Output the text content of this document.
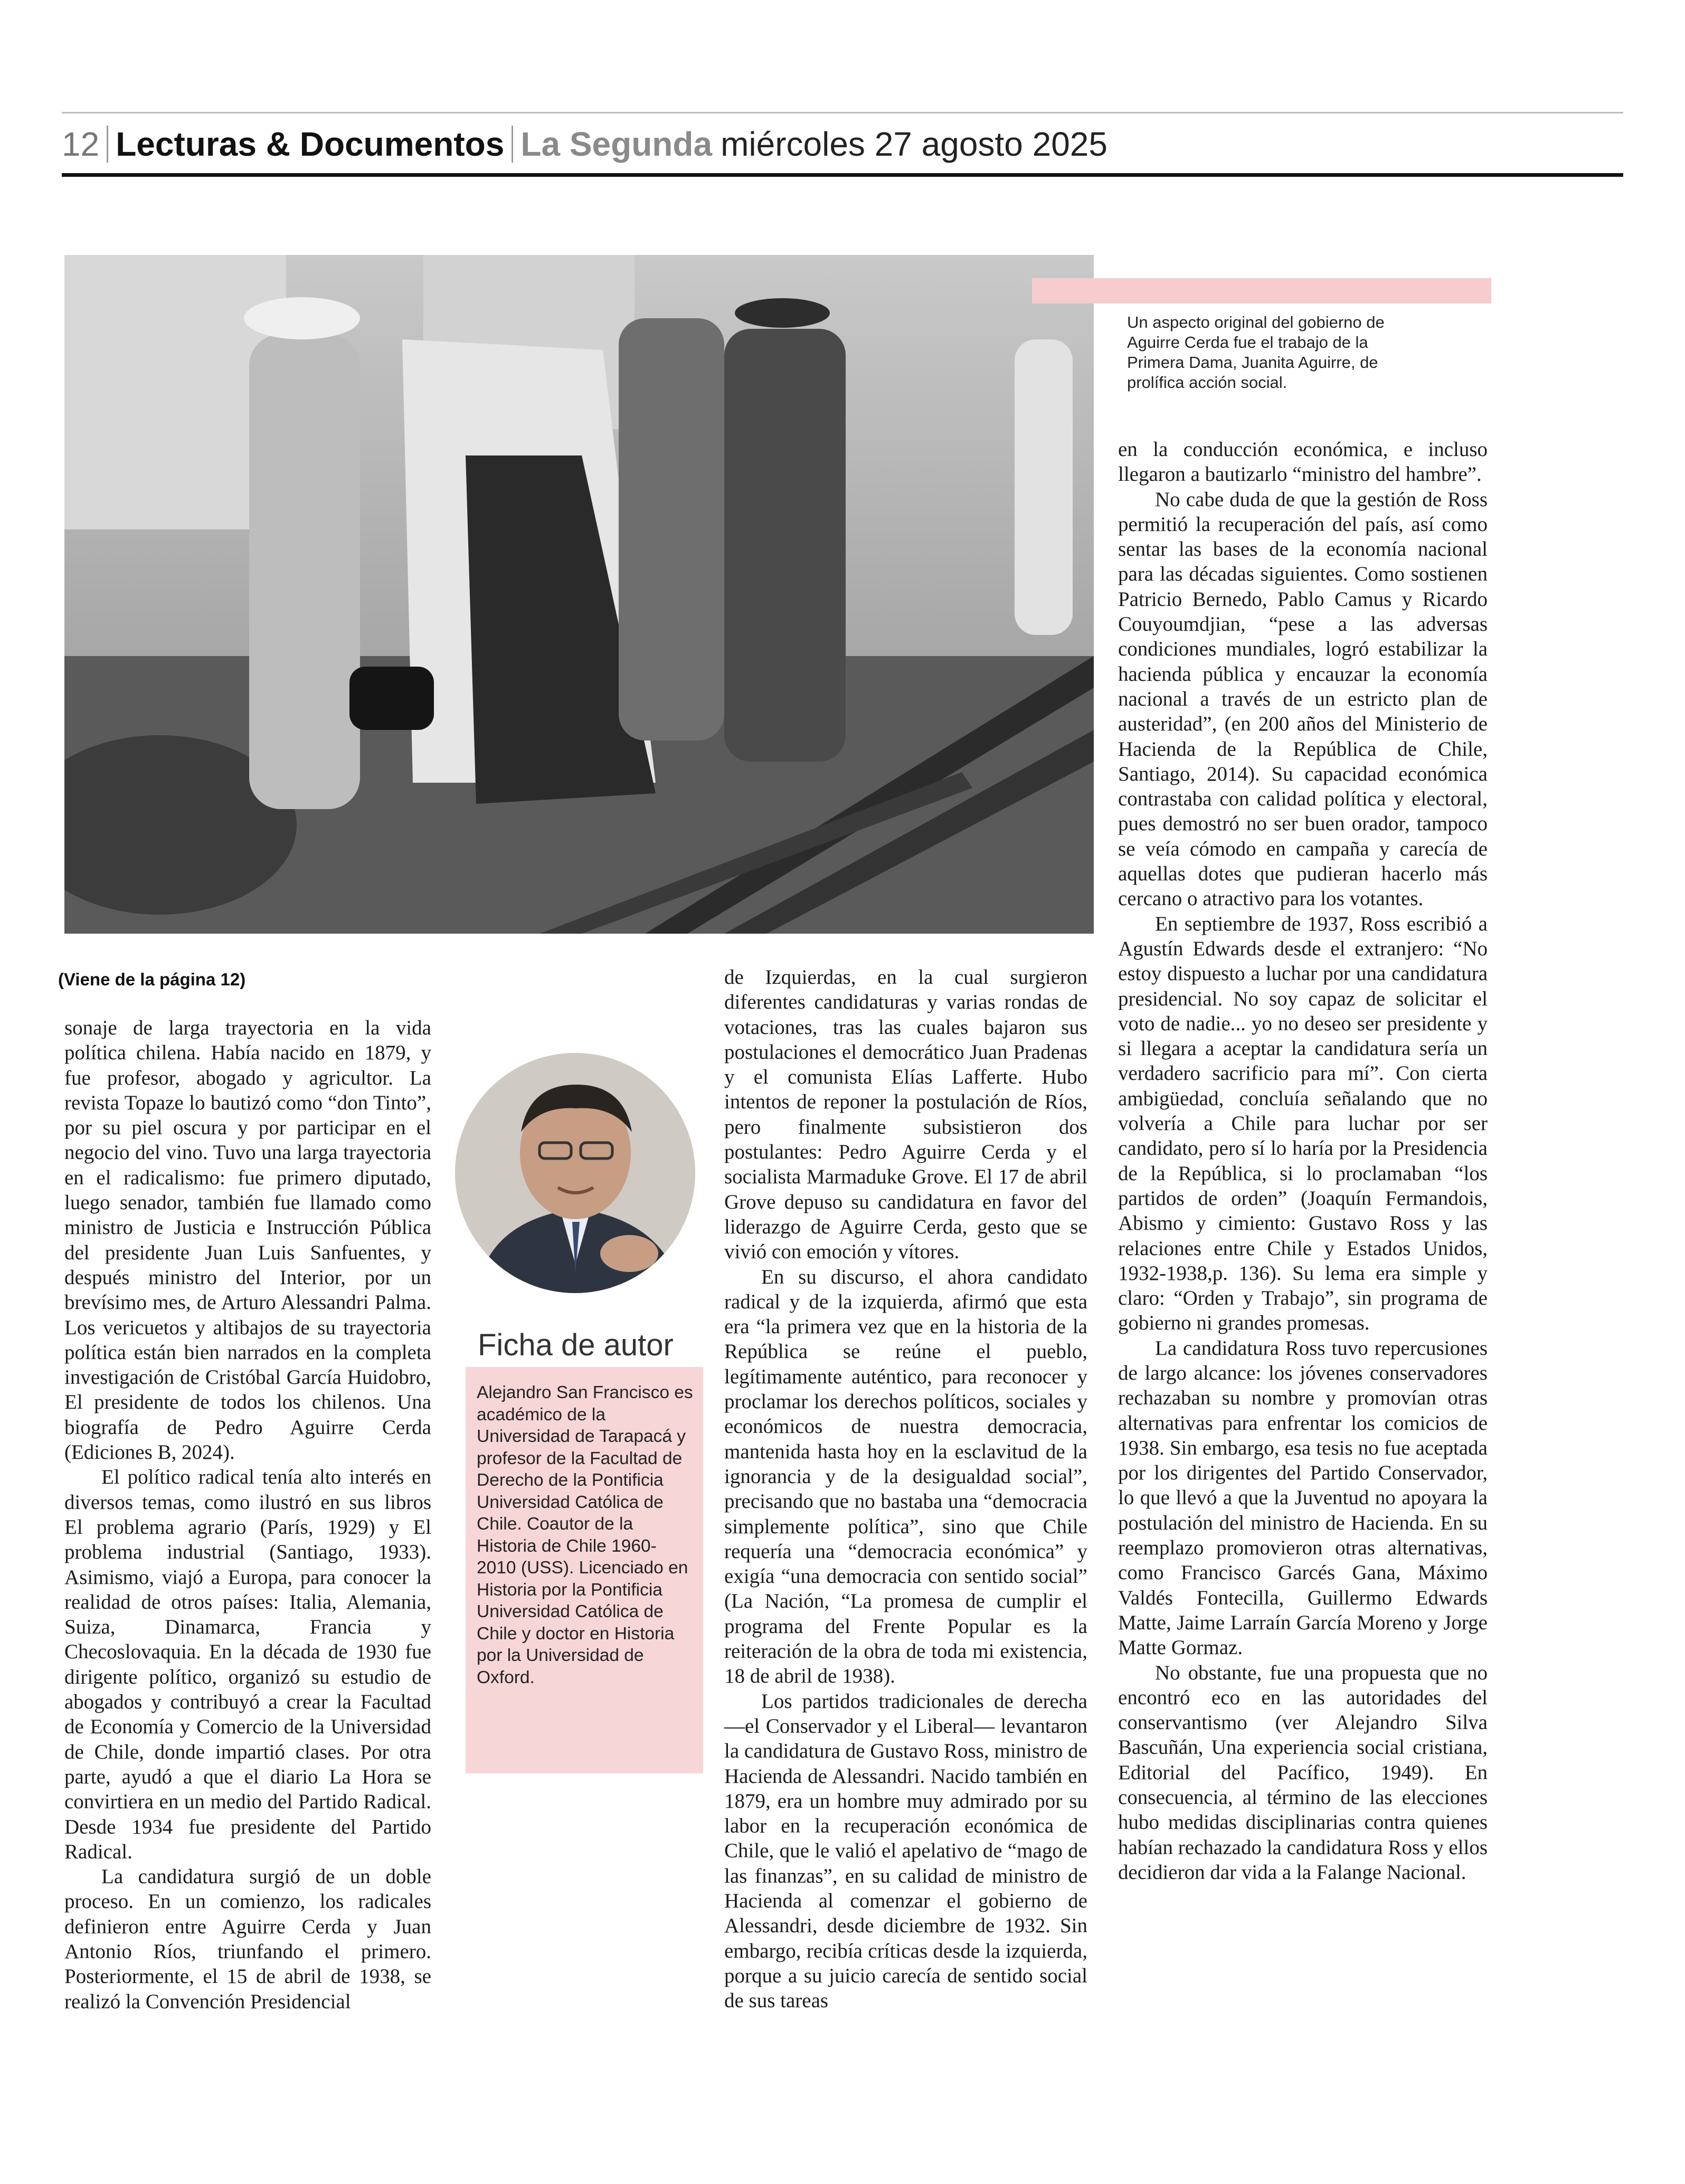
12 Lecturas & Documentos La Segunda miércoles 27 agosto 2025
Un aspecto original del gobierno de Aguirre Cerda fue el trabajo de la Primera Dama, Juanita Aguirre, de prolífica acción social.
(Viene de la página 12)

sonaje de larga trayectoria en la vida política chilena. Había nacido en 1879, y fue profesor, abogado y agricultor. La revista Topaze lo bautizó como “don Tinto”, por su piel oscura y por participar en el negocio del vino. Tuvo una larga trayectoria en el radicalismo: fue primero diputado, luego senador, también fue llamado como ministro de Justicia e Instrucción Pública del presidente Juan Luis Sanfuentes, y después ministro del Interior, por un brevísimo mes, de Arturo Alessandri Palma. Los vericuetos y altibajos de su trayectoria política están bien narrados en la completa investigación de Cristóbal García Huidobro, El presidente de todos los chilenos. Una biografía de Pedro Aguirre Cerda (Ediciones B, 2024).

El político radical tenía alto interés en diversos temas, como ilustró en sus libros El problema agrario (París, 1929) y El problema industrial (Santiago, 1933). Asimismo, viajó a Europa, para conocer la realidad de otros países: Italia, Alemania, Suiza, Dinamarca, Francia y Checoslovaquia. En la década de 1930 fue dirigente político, organizó su estudio de abogados y contribuyó a crear la Facultad de Economía y Comercio de la Universidad de Chile, donde impartió clases. Por otra parte, ayudó a que el diario La Hora se convirtiera en un medio del Partido Radical. Desde 1934 fue presidente del Partido Radical.

La candidatura surgió de un doble proceso. En un comienzo, los radicales definieron entre Aguirre Cerda y Juan Antonio Ríos, triunfando el primero. Posteriormente, el 15 de abril de 1938, se realizó la Convención Presidencial

Ficha de autor
Alejandro San Francisco es académico de la Universidad de Tarapacá y profesor de la Facultad de Derecho de la Pontificia Universidad Católica de Chile. Coautor de la Historia de Chile 1960-2010 (USS). Licenciado en Historia por la Pontificia Universidad Católica de Chile y doctor en Historia por la Universidad de Oxford.

de Izquierdas, en la cual surgieron diferentes candidaturas y varias rondas de votaciones, tras las cuales bajaron sus postulaciones el democrático Juan Pradenas y el comunista Elías Lafferte. Hubo intentos de reponer la postulación de Ríos, pero finalmente subsistieron dos postulantes: Pedro Aguirre Cerda y el socialista Marmaduke Grove. El 17 de abril Grove depuso su candidatura en favor del liderazgo de Aguirre Cerda, gesto que se vivió con emoción y vítores.

En su discurso, el ahora candidato radical y de la izquierda, afirmó que esta era “la primera vez que en la historia de la República se reúne el pueblo, legítimamente auténtico, para reconocer y proclamar los derechos políticos, sociales y económicos de nuestra democracia, mantenida hasta hoy en la esclavitud de la ignorancia y de la desigualdad social”, precisando que no bastaba una “democracia simplemente política”, sino que Chile requería una “democracia económica” y exigía “una democracia con sentido social” (La Nación, “La promesa de cumplir el programa del Frente Popular es la reiteración de la obra de toda mi existencia, 18 de abril de 1938).

Los partidos tradicionales de derecha —el Conservador y el Liberal— levantaron la candidatura de Gustavo Ross, ministro de Hacienda de Alessandri. Nacido también en 1879, era un hombre muy admirado por su labor en la recuperación económica de Chile, que le valió el apelativo de “mago de las finanzas”, en su calidad de ministro de Hacienda al comenzar el gobierno de Alessandri, desde diciembre de 1932. Sin embargo, recibía críticas desde la izquierda, porque a su juicio carecía de sentido social de sus tareas

en la conducción económica, e incluso llegaron a bautizarlo “ministro del hambre”.

No cabe duda de que la gestión de Ross permitió la recuperación del país, así como sentar las bases de la economía nacional para las décadas siguientes. Como sostienen Patricio Bernedo, Pablo Camus y Ricardo Couyoumdjian, “pese a las adversas condiciones mundiales, logró estabilizar la hacienda pública y encauzar la economía nacional a través de un estricto plan de austeridad”, (en 200 años del Ministerio de Hacienda de la República de Chile, Santiago, 2014). Su capacidad económica contrastaba con calidad política y electoral, pues demostró no ser buen orador, tampoco se veía cómodo en campaña y carecía de aquellas dotes que pudieran hacerlo más cercano o atractivo para los votantes.

En septiembre de 1937, Ross escribió a Agustín Edwards desde el extranjero: “No estoy dispuesto a luchar por una candidatura presidencial. No soy capaz de solicitar el voto de nadie... yo no deseo ser presidente y si llegara a aceptar la candidatura sería un verdadero sacrificio para mí”. Con cierta ambigüedad, concluía señalando que no volvería a Chile para luchar por ser candidato, pero sí lo haría por la Presidencia de la República, si lo proclamaban “los partidos de orden” (Joaquín Fermandois, Abismo y cimiento: Gustavo Ross y las relaciones entre Chile y Estados Unidos, 1932-1938,p. 136). Su lema era simple y claro: “Orden y Trabajo”, sin programa de gobierno ni grandes promesas.

La candidatura Ross tuvo repercusiones de largo alcance: los jóvenes conservadores rechazaban su nombre y promovían otras alternativas para enfrentar los comicios de 1938. Sin embargo, esa tesis no fue aceptada por los dirigentes del Partido Conservador, lo que llevó a que la Juventud no apoyara la postulación del ministro de Hacienda. En su reemplazo promovieron otras alternativas, como Francisco Garcés Gana, Máximo Valdés Fontecilla, Guillermo Edwards Matte, Jaime Larraín García Moreno y Jorge Matte Gormaz.

No obstante, fue una propuesta que no encontró eco en las autoridades del conservantismo (ver Alejandro Silva Bascuñán, Una experiencia social cristiana, Editorial del Pacífico, 1949). En consecuencia, al término de las elecciones hubo medidas disciplinarias contra quienes habían rechazado la candidatura Ross y ellos decidieron dar vida a la Falange Nacional.
